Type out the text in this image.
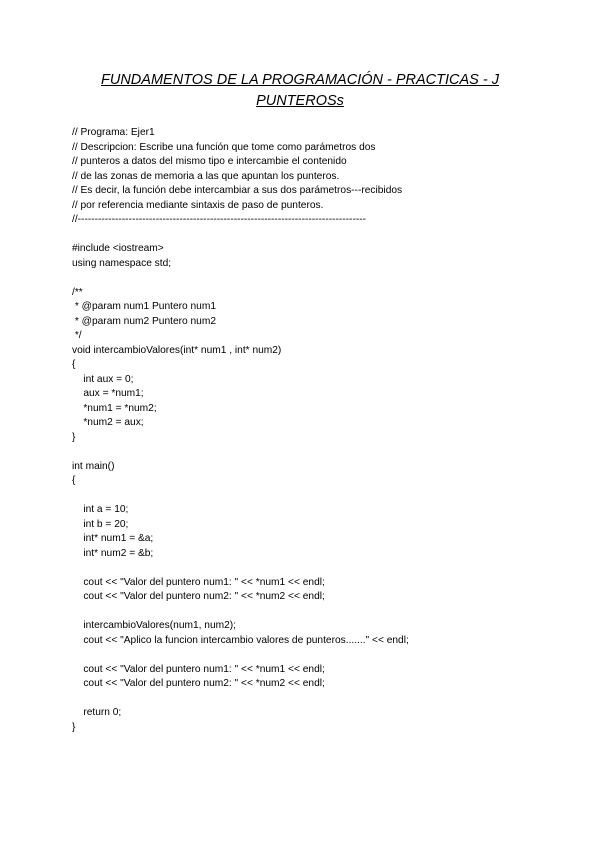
FUNDAMENTOS DE LA PROGRAMACIÓN - PRACTICAS - J
PUNTEROSs
// Programa: Ejer1
// Descripcion: Escribe una función que tome como parámetros dos
// punteros a datos del mismo tipo e intercambie el contenido
// de las zonas de memoria a las que apuntan los punteros.
// Es decir, la función debe intercambiar a sus dos parámetros---recibidos
// por referencia mediante sintaxis de paso de punteros.
//-------------------------------------------------------------------------------------
#include <iostream>
using namespace std;
/**
* @param num1 Puntero num1
* @param num2 Puntero num2
*/
void intercambioValores(int* num1 , int* num2)
{
int aux = 0;
aux = *num1;
*num1 = *num2;
*num2 = aux;
}
int main()
{
int a = 10;
int b = 20;
int* num1 = &a;
int* num2 = &b;
cout << "Valor del puntero num1: " << *num1 << endl;
cout << "Valor del puntero num2: " << *num2 << endl;
intercambioValores(num1, num2);
cout << "Aplico la funcion intercambio valores de punteros......." << endl;
cout << "Valor del puntero num1: " << *num1 << endl;
cout << "Valor del puntero num2: " << *num2 << endl;
return 0;
}
